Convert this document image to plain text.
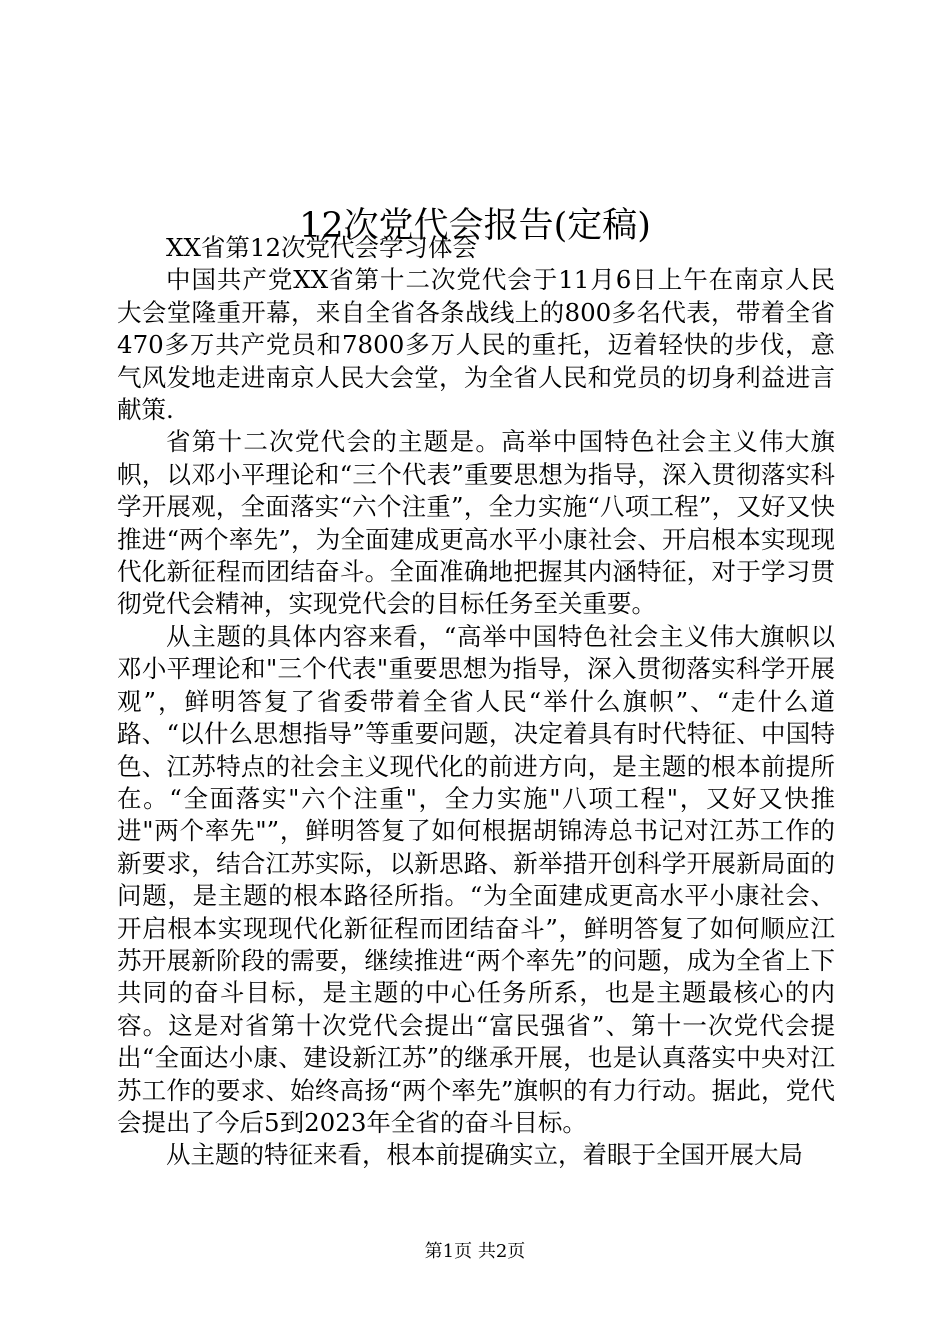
12次党代会报告(定稿)

XX省第12次党代会学习体会

中国共产党XX省第十二次党代会于11月6日上午在南京人民大会堂隆重开幕，来自全省各条战线上的800多名代表，带着全省470多万共产党员和7800多万人民的重托，迈着轻快的步伐，意气风发地走进南京人民大会堂，为全省人民和党员的切身利益进言献策.

省第十二次党代会的主题是。高举中国特色社会主义伟大旗帜，以邓小平理论和“三个代表”重要思想为指导，深入贯彻落实科学开展观，全面落实“六个注重”，全力实施“八项工程”，又好又快推进“两个率先”，为全面建成更高水平小康社会、开启根本实现现代化新征程而团结奋斗。全面准确地把握其内涵特征，对于学习贯彻党代会精神，实现党代会的目标任务至关重要。

从主题的具体内容来看，“高举中国特色社会主义伟大旗帜以邓小平理论和"三个代表"重要思想为指导，深入贯彻落实科学开展观”，鲜明答复了省委带着全省人民“举什么旗帜”、“走什么道路、“以什么思想指导”等重要问题，决定着具有时代特征、中国特色、江苏特点的社会主义现代化的前进方向，是主题的根本前提所在。“全面落实"六个注重"，全力实施"八项工程"，又好又快推进"两个率先"”，鲜明答复了如何根据胡锦涛总书记对江苏工作的新要求，结合江苏实际，以新思路、新举措开创科学开展新局面的问题，是主题的根本路径所指。“为全面建成更高水平小康社会、开启根本实现现代化新征程而团结奋斗”，鲜明答复了如何顺应江苏开展新阶段的需要，继续推进“两个率先”的问题，成为全省上下共同的奋斗目标，是主题的中心任务所系，也是主题最核心的内容。这是对省第十次党代会提出“富民强省”、第十一次党代会提出“全面达小康、建设新江苏”的继承开展，也是认真落实中央对江苏工作的要求、始终高扬“两个率先”旗帜的有力行动。据此，党代会提出了今后5到2023年全省的奋斗目标。

从主题的特征来看，根本前提确实立，着眼于全国开展大局

第1页 共2页
